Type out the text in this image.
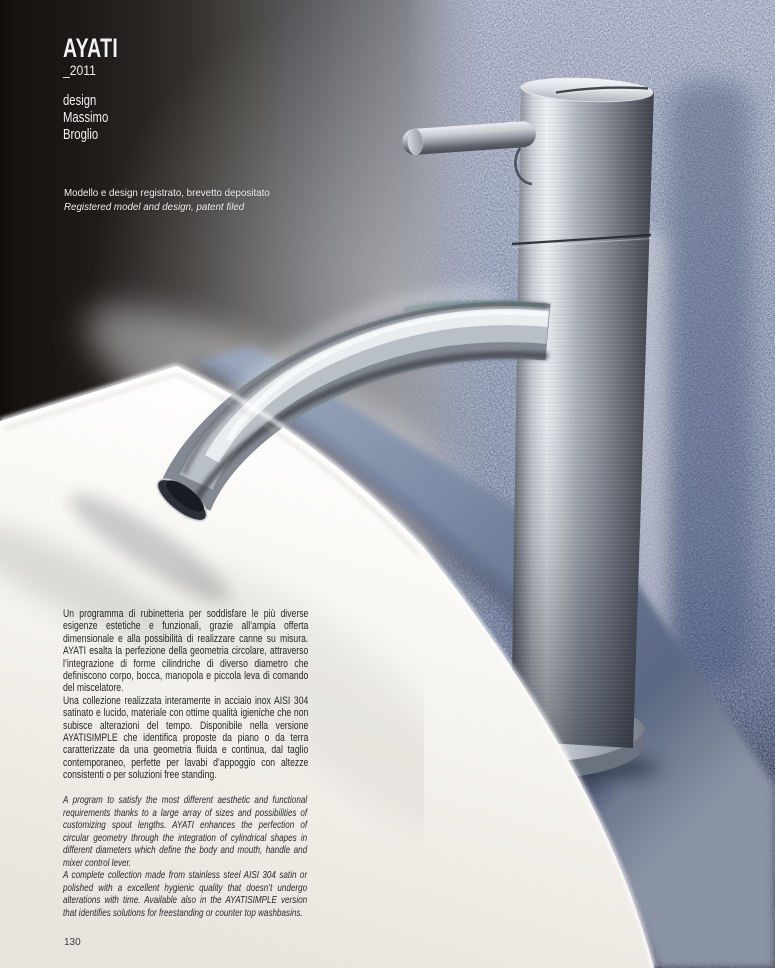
AYATI
_2011
design
Massimo
Broglio
Modello e design registrato, brevetto depositato
Registered model and design, patent filed

Un programma di rubinetteria per soddisfare le più diverse esigenze estetiche e funzionali, grazie all’ampia offerta dimensionale e alla possibilità di realizzare canne su misura. AYATI esalta la perfezione della geometria circolare, attraverso l’integrazione di forme cilindriche di diverso diametro che definiscono corpo, bocca, manopola e piccola leva di comando del miscelatore.

Una collezione realizzata interamente in acciaio inox AISI 304 satinato e lucido, materiale con ottime qualità igieniche che non subisce alterazioni del tempo. Disponibile nella versione AYATISIMPLE che identifica proposte da piano o da terra caratterizzate da una geometria fluida e continua, dal taglio contemporaneo, perfette per lavabi d’appoggio con altezze consistenti o per soluzioni free standing.

A program to satisfy the most different aesthetic and functional requirements thanks to a large array of sizes and possibilities of customizing spout lengths. AYATI enhances the perfection of circular geometry through the integration of cylindrical shapes in different diameters which define the body and mouth, handle and mixer control lever.

A complete collection made from stainless steel AISI 304 satin or polished with a excellent hygienic quality that doesn’t undergo alterations with time. Available also in the AYATISIMPLE version that identifies solutions for freestanding or counter top washbasins.

130
